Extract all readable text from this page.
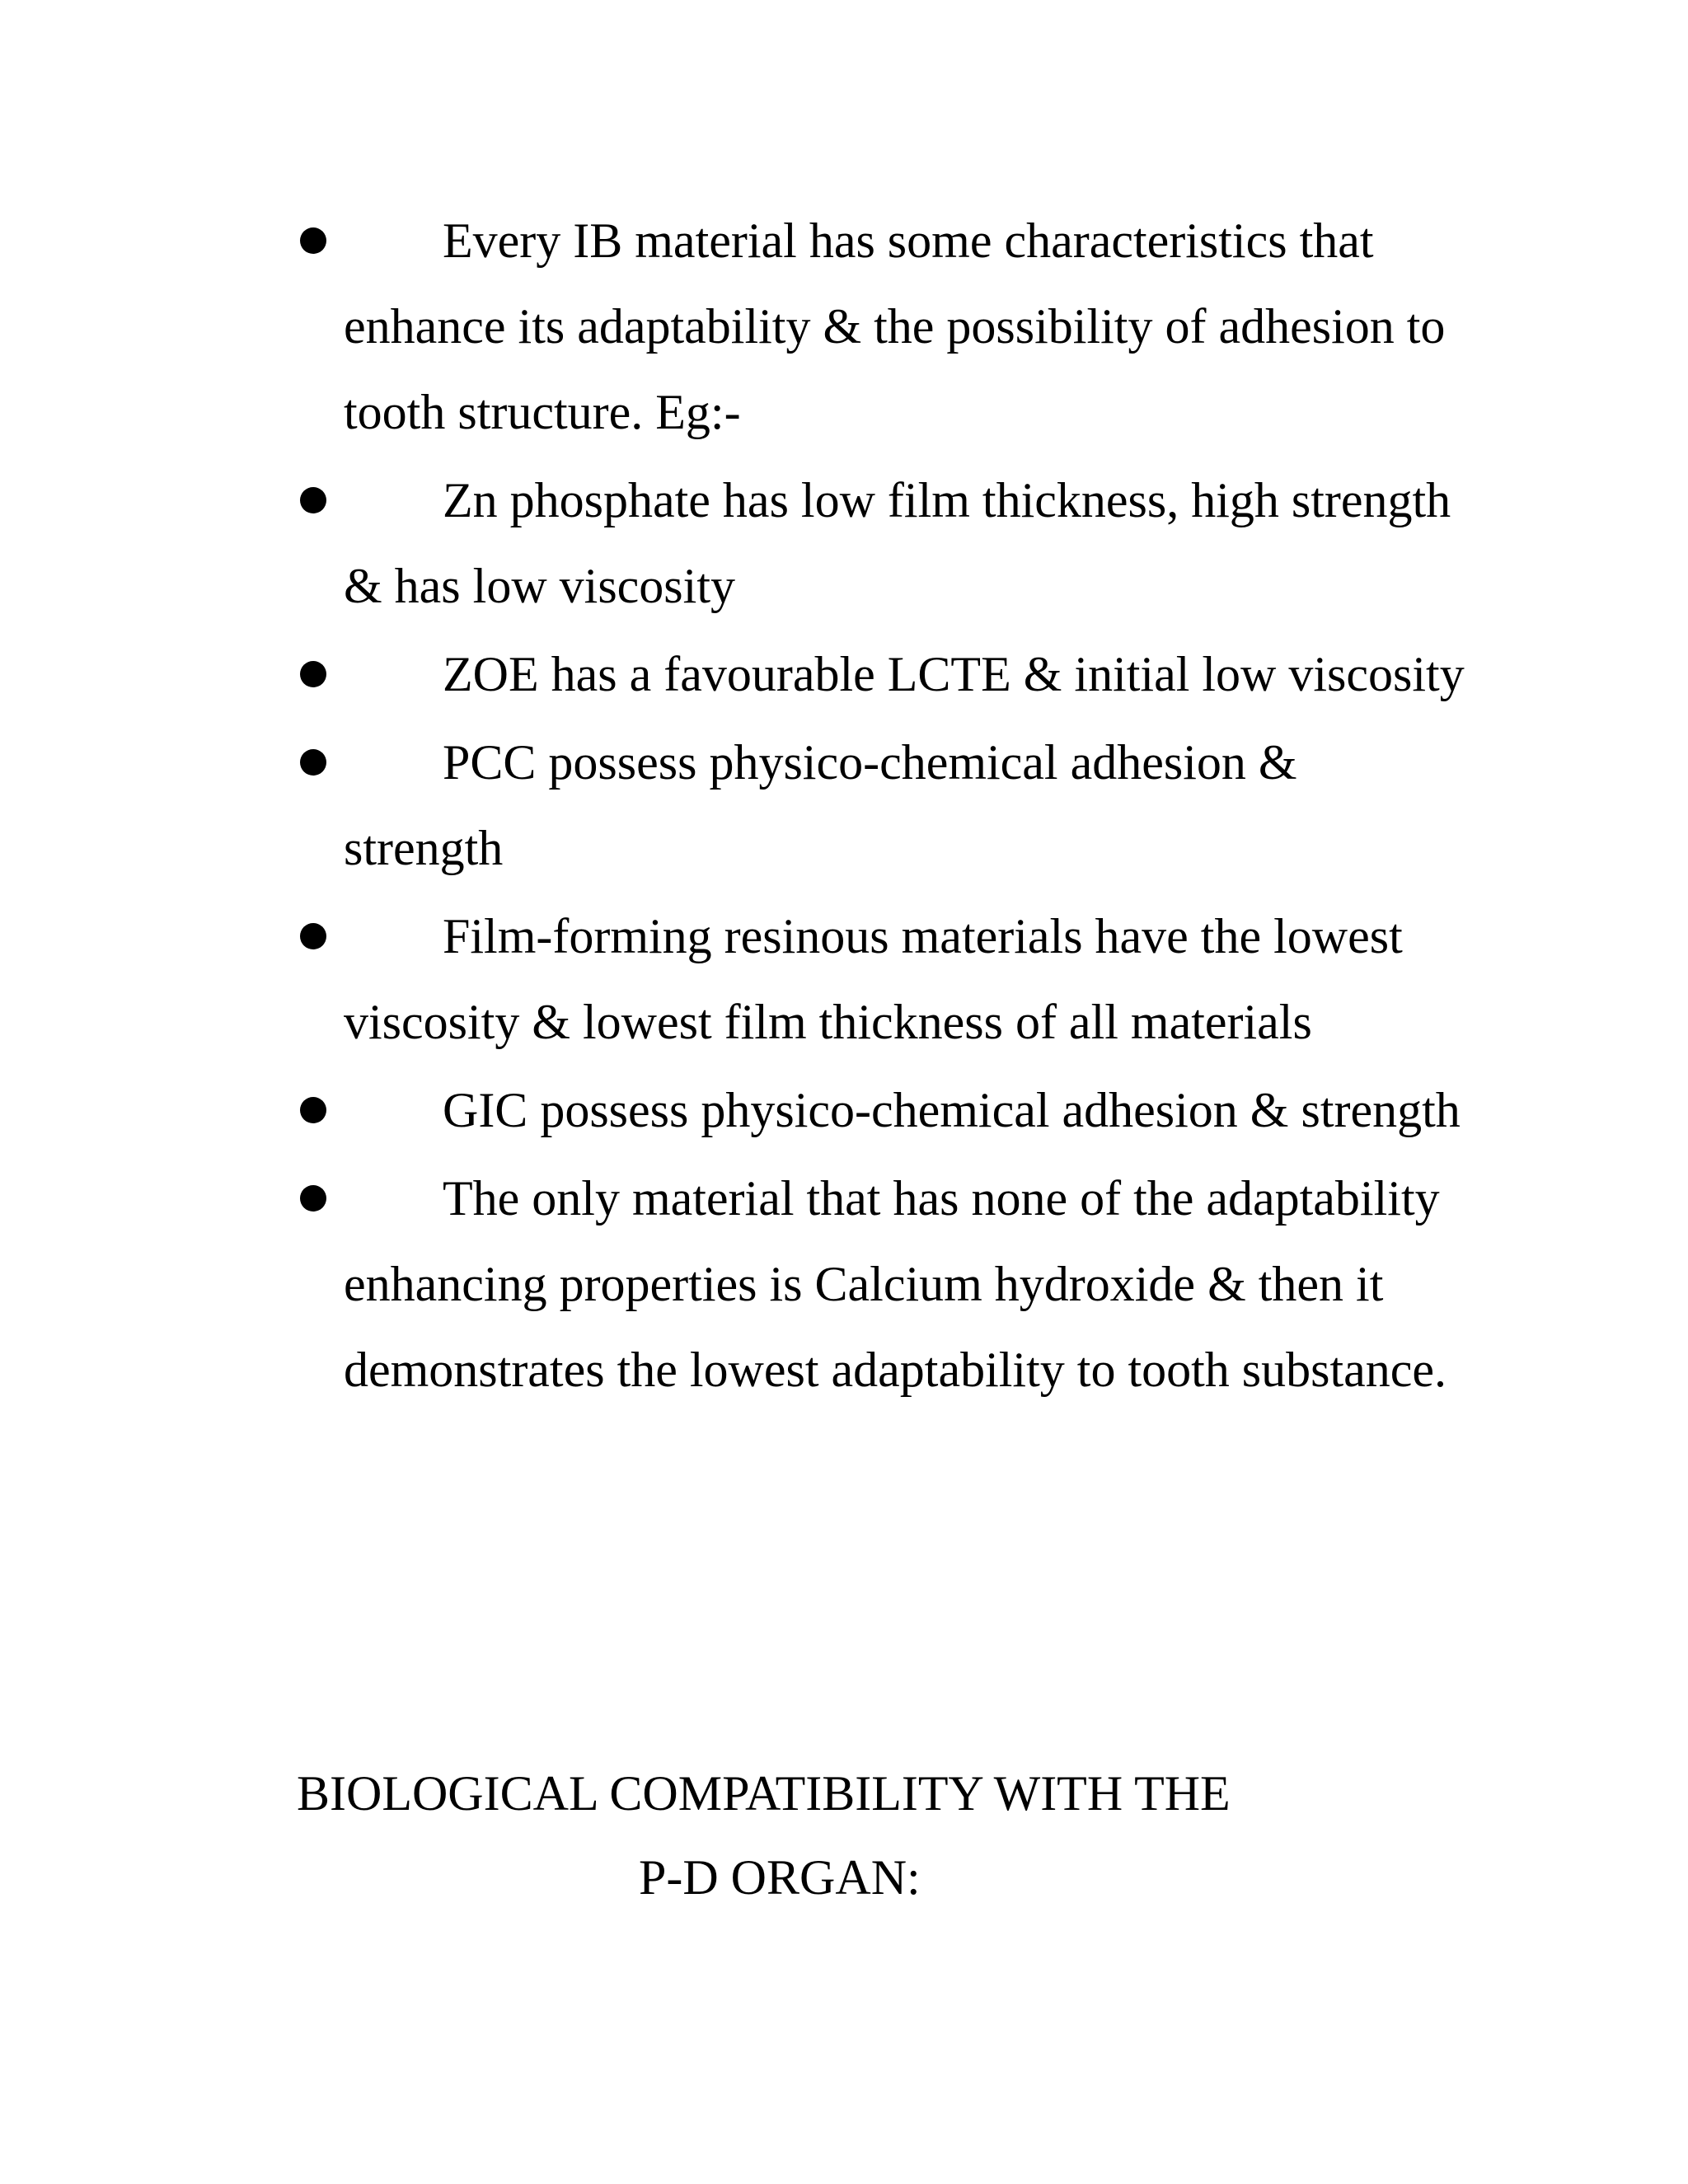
Every IB material has some characteristics that enhance its adaptability & the possibility of adhesion to tooth structure. Eg:-
Zn phosphate has low film thickness, high strength & has low viscosity
ZOE has a favourable LCTE & initial low viscosity
PCC possess physico-chemical adhesion & strength
Film-forming resinous materials have the lowest viscosity & lowest film thickness of all materials
GIC possess physico-chemical adhesion & strength
The only material that has none of the adaptability enhancing properties is Calcium hydroxide & then it demonstrates the lowest adaptability to tooth substance.
BIOLOGICAL COMPATIBILITY WITH THE
P-D ORGAN:
